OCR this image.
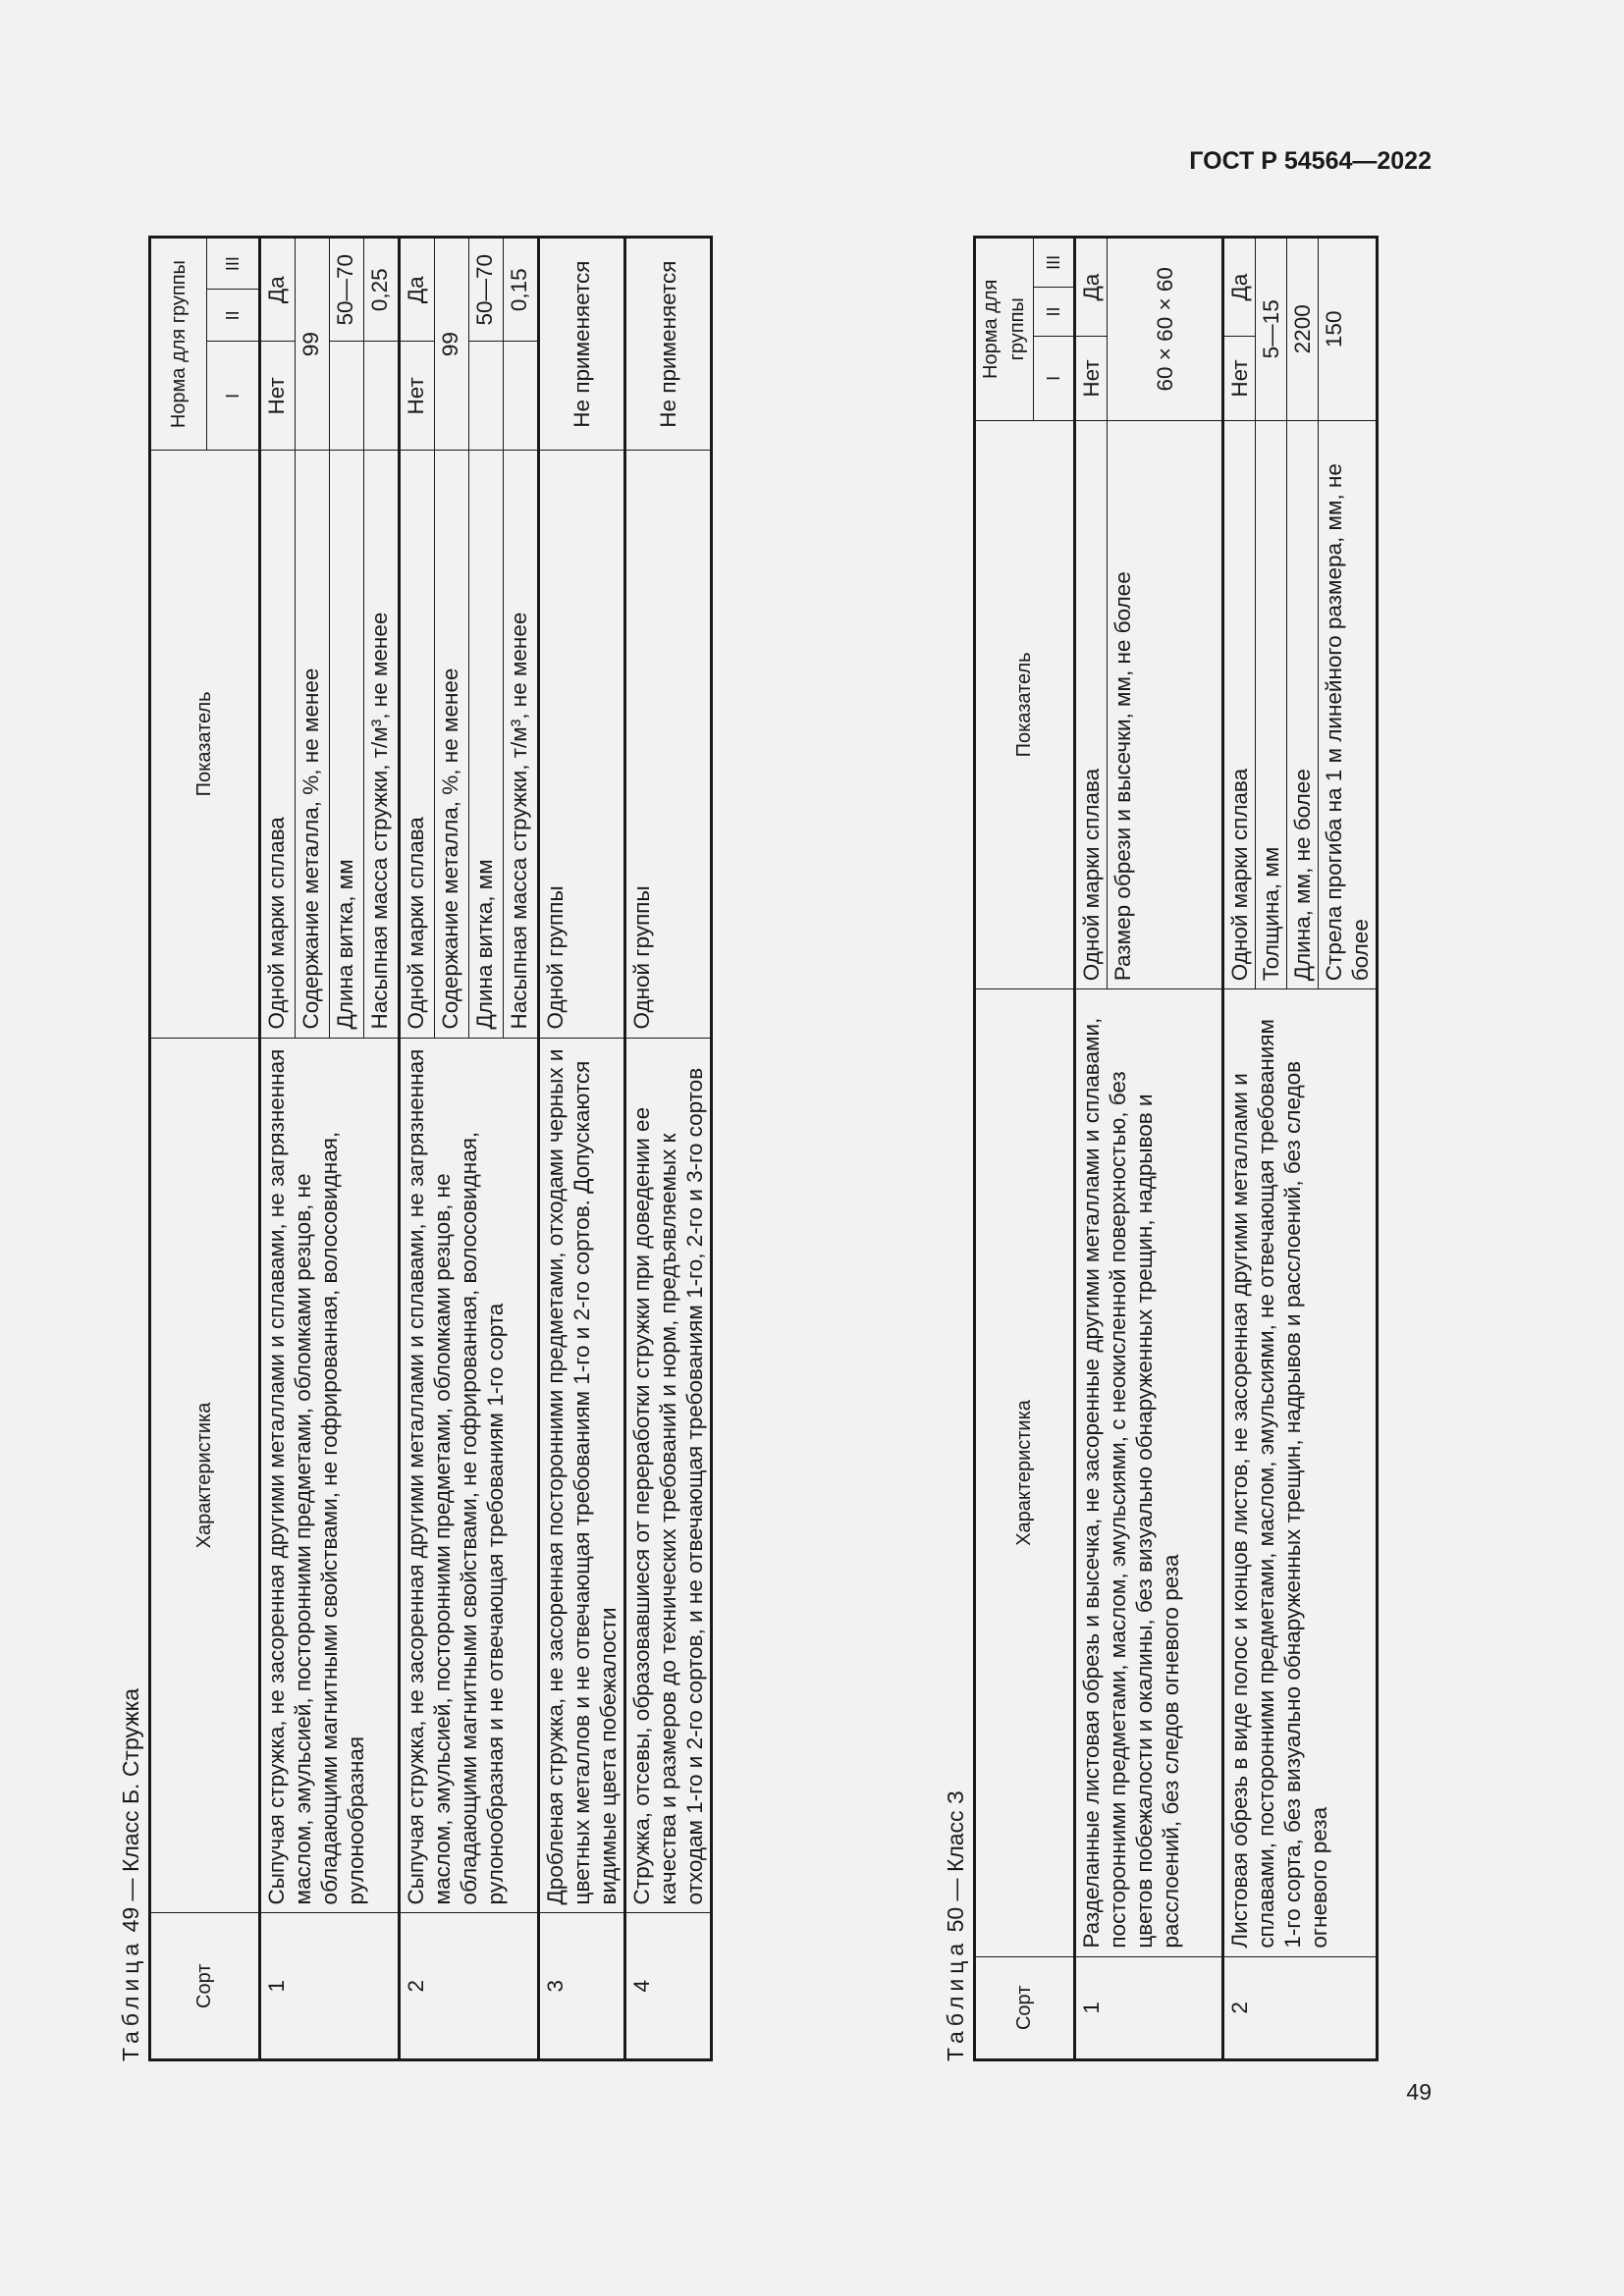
ГОСТ Р 54564—2022
Таблица 49 — Класс Б. Стружка
Сорт	Характеристика	Показатель	Норма для группы		
			I	II	III
1	Сыпучая стружка, не засоренная другими металлами и сплавами, не загрязненная маслом, эмульсией, посторонними предметами, обломками резцов, не обладающими магнитными свойствами, не гофрированная, волосовидная, рулонообразная	Одной марки сплава	Нет	Да	
		Содержание металла, %, не менее	99		
		Длина витка, мм		50—70	
		Насыпная масса стружки, т/м³, не менее		0,25	
2	Сыпучая стружка, не засоренная другими металлами и сплавами, не загрязненная маслом, эмульсией, посторонними предметами, обломками резцов, не обладающими магнитными свойствами, не гофрированная, волосовидная, рулонообразная и не отвечающая требованиям 1-го сорта	Одной марки сплава	Нет	Да	
		Содержание металла, %, не менее	99		
		Длина витка, мм		50—70	
		Насыпная масса стружки, т/м³, не менее		0,15	
3	Дробленая стружка, не засоренная посторонними предметами, отходами черных и цветных металлов и не отвечающая требованиям 1-го и 2-го сортов. Допускаются видимые цвета побежалости	Одной группы	Не применяется		
4	Стружка, отсевы, образовавшиеся от переработки стружки при доведении ее качества и размеров до технических требований и норм, предъявляемых к отходам 1-го и 2-го сортов, и не отвечающая требованиям 1-го, 2-го и 3-го сортов	Одной группы	Не применяется		
Таблица 50 — Класс З
Сорт	Характеристика	Показатель	Норма для группы		
			I	II	III
1	Разделанные листовая обрезь и высечка, не засоренные другими металлами и сплавами, посторонними предметами, маслом, эмульсиями, с неокисленной поверхностью, без цветов побежалости и окалины, без визуально обнаруженных трещин, надрывов и расслоений, без следов огневого реза	Одной марки сплава	Нет	Да	
		Размер обрези и высечки, мм, не более	60 × 60 × 60		
2	Листовая обрезь в виде полос и концов листов, не засоренная другими металлами и сплавами, посторонними предметами, маслом, эмульсиями, не отвечающая требованиям 1-го сорта, без визуально обнаруженных трещин, надрывов и расслоений, без следов огневого реза	Одной марки сплава	Нет	Да	
		Толщина, мм	5—15		
		Длина, мм, не более	2200		
		Стрела прогиба на 1 м линейного размера, мм, не более	150		
49
